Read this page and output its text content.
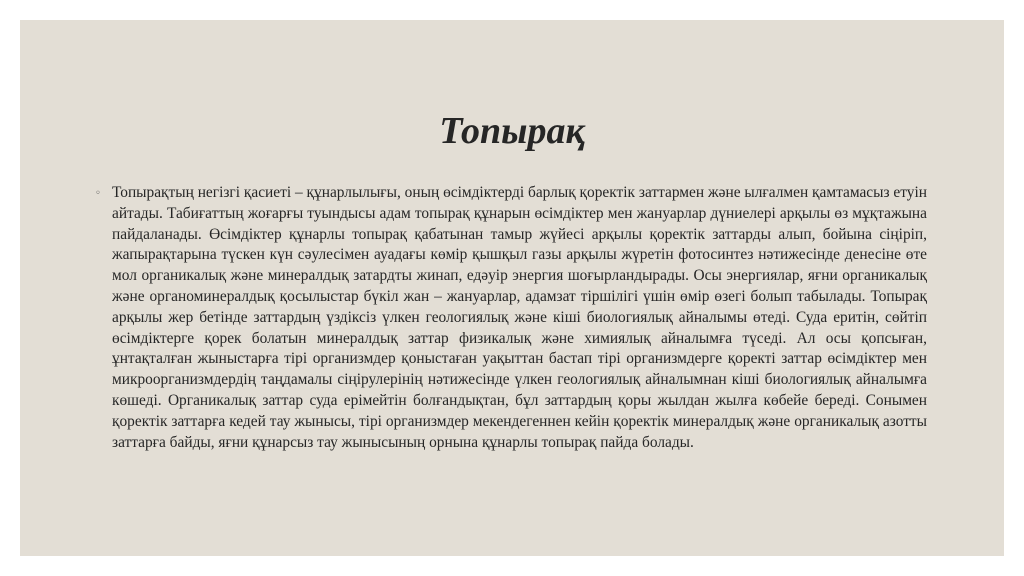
Топырақ
◦ Топырақтың негізгі қасиеті – құнарлылығы, оның өсімдіктерді барлық қоректік заттармен және ылғалмен қамтамасыз етуін айтады. Табиғаттың жоғарғы туындысы адам топырақ құнарын өсімдіктер мен жануарлар дүниелері арқылы өз мұқтажына пайдаланады. Өсімдіктер құнарлы топырақ қабатынан тамыр жүйесі арқылы қоректік заттарды алып, бойына сіңіріп, жапырақтарына түскен күн сәулесімен ауадағы көмір қышқыл газы арқылы жүретін фотосинтез нәтижесінде денесіне өте мол органикалық және минералдық затардты жинап, едәуір энергия шоғырландырады. Осы энергиялар, яғни органикалық және органоминералдық қосылыстар бүкіл жан – жануарлар, адамзат тіршілігі үшін өмір өзегі болып табылады. Топырақ арқылы жер бетінде заттардың үздіксіз үлкен геологиялық және кіші биологиялық айналымы өтеді. Суда еритін, сөйтіп өсімдіктерге қорек болатын минералдық заттар физикалық және химиялық айналымға түседі. Ал осы қопсыған, ұнтақталған жыныстарға тірі организмдер қоныстаған уақыттан бастап тірі организмдерге қоректі заттар өсімдіктер мен микроорганизмдердің таңдамалы сіңірулерінің нәтижесінде үлкен геологиялық айналымнан кіші биологиялық айналымға көшеді. Органикалық заттар суда ерімейтін болғандықтан, бұл заттардың қоры жылдан жылға көбейе береді. Сонымен қоректік заттарға кедей тау жынысы, тірі организмдер мекендегеннен кейін қоректік минералдық және органикалық азотты заттарға байды, яғни құнарсыз тау жынысының орнына құнарлы топырақ пайда болады.
